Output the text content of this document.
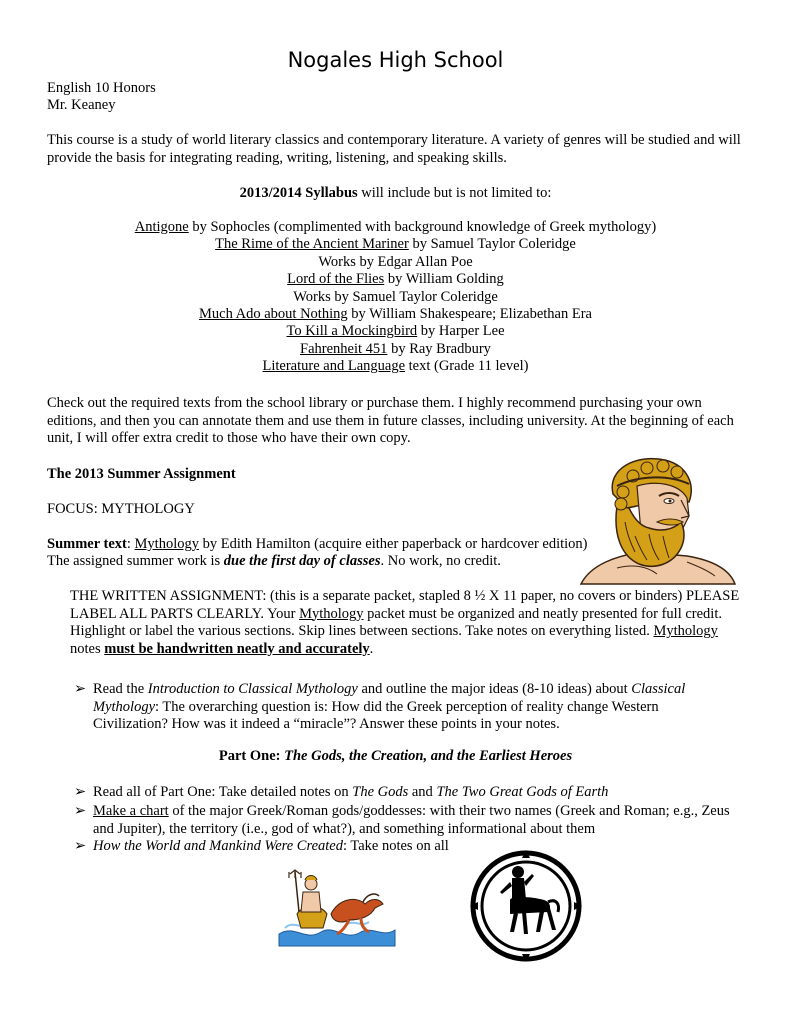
Nogales High School
English 10 Honors
Mr. Keaney
This course is a study of world literary classics and contemporary literature. A variety of genres will be studied and will provide the basis for integrating reading, writing, listening, and speaking skills.
2013/2014 Syllabus will include but is not limited to:
Antigone by Sophocles (complimented with background knowledge of Greek mythology)
The Rime of the Ancient Mariner by Samuel Taylor Coleridge
Works by Edgar Allan Poe
Lord of the Flies by William Golding
Works by Samuel Taylor Coleridge
Much Ado about Nothing by William Shakespeare; Elizabethan Era
To Kill a Mockingbird by Harper Lee
Fahrenheit 451 by Ray Bradbury
Literature and Language text (Grade 11 level)
Check out the required texts from the school library or purchase them. I highly recommend purchasing your own editions, and then you can annotate them and use them in future classes, including university. At the beginning of each unit, I will offer extra credit to those who have their own copy.
The 2013 Summer Assignment
FOCUS: MYTHOLOGY
Summer text: Mythology by Edith Hamilton (acquire either paperback or hardcover edition)
The assigned summer work is due the first day of classes. No work, no credit.
THE WRITTEN ASSIGNMENT: (this is a separate packet, stapled 8 ½ X 11 paper, no covers or binders) PLEASE LABEL ALL PARTS CLEARLY. Your Mythology packet must be organized and neatly presented for full credit. Highlight or label the various sections. Skip lines between sections. Take notes on everything listed. Mythology notes must be handwritten neatly and accurately.
➢ Read the Introduction to Classical Mythology and outline the major ideas (8-10 ideas) about Classical Mythology: The overarching question is: How did the Greek perception of reality change Western Civilization? How was it indeed a “miracle”? Answer these points in your notes.
Part One: The Gods, the Creation, and the Earliest Heroes
➢ Read all of Part One: Take detailed notes on The Gods and The Two Great Gods of Earth
➢ Make a chart of the major Greek/Roman gods/goddesses: with their two names (Greek and Roman; e.g., Zeus and Jupiter), the territory (i.e., god of what?), and something informational about them
➢ How the World and Mankind Were Created: Take notes on all
